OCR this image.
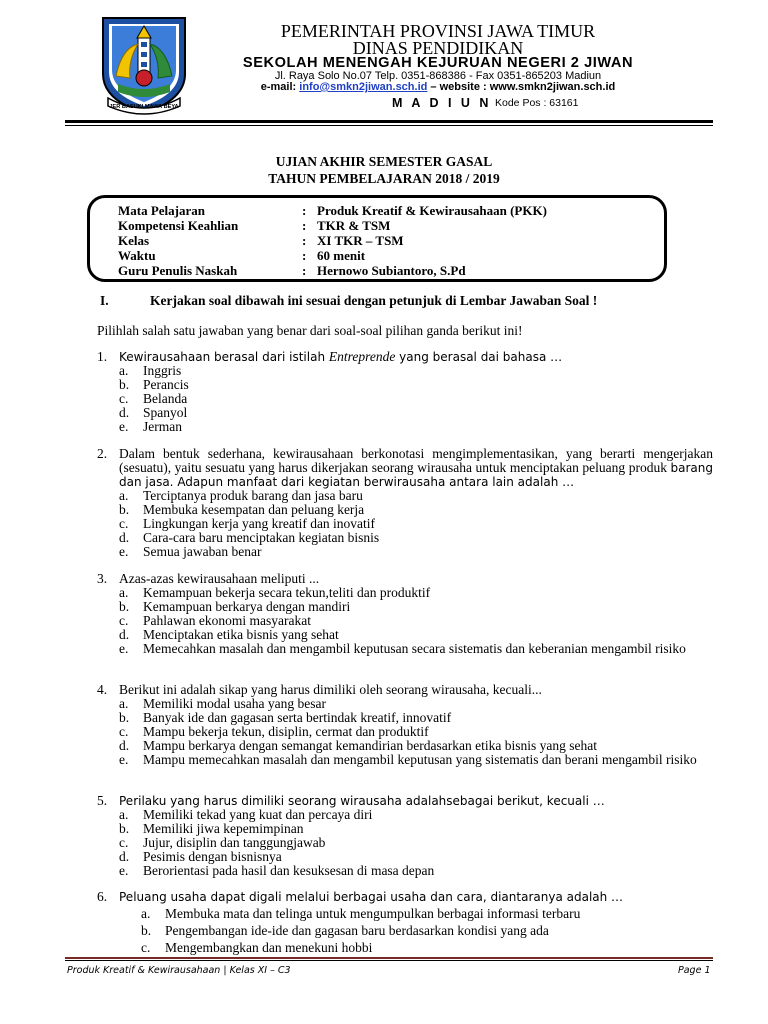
JER BASUKI MAWA BEYA
PEMERINTAH PROVINSI JAWA TIMUR
DINAS PENDIDIKAN
SEKOLAH MENENGAH KEJURUAN NEGERI 2 JIWAN
Jl. Raya Solo No.07 Telp. 0351-868386 - Fax 0351-865203 Madiun
e-mail: info@smkn2jiwan.sch.id – website : www.smkn2jiwan.sch.id
M A D I U N Kode Pos : 63161
UJIAN AKHIR SEMESTER GASAL
TAHUN PEMBELAJARAN 2018 / 2019
Mata Pelajaran	: Produk Kreatif & Kewirausahaan (PKK)
Kompetensi Keahlian	: TKR & TSM
Kelas	: XI TKR – TSM
Waktu	: 60 menit
Guru Penulis Naskah	: Hernowo Subiantoro, S.Pd
I.	Kerjakan soal dibawah ini sesuai dengan petunjuk di Lembar Jawaban Soal !
Pilihlah salah satu jawaban yang benar dari soal-soal pilihan ganda berikut ini!
1. Kewirausahaan berasal dari istilah Entreprende yang berasal dai bahasa …
a. Inggris
b. Perancis
c. Belanda
d. Spanyol
e. Jerman
2. Dalam bentuk sederhana, kewirausahaan berkonotasi mengimplementasikan, yang berarti mengerjakan (sesuatu), yaitu sesuatu yang harus dikerjakan seorang wirausaha untuk menciptakan peluang produk barang dan jasa. Adapun manfaat dari kegiatan berwirausaha antara lain adalah …
a. Terciptanya produk barang dan jasa baru
b. Membuka kesempatan dan peluang kerja
c. Lingkungan kerja yang kreatif dan inovatif
d. Cara-cara baru menciptakan kegiatan bisnis
e. Semua jawaban benar
3. Azas-azas kewirausahaan meliputi ...
a. Kemampuan bekerja secara tekun,teliti dan produktif
b. Kemampuan berkarya dengan mandiri
c. Pahlawan ekonomi masyarakat
d. Menciptakan etika bisnis yang sehat
e. Memecahkan masalah dan mengambil keputusan secara sistematis dan keberanian mengambil risiko
4. Berikut ini adalah sikap yang harus dimiliki oleh seorang wirausaha, kecuali...
a. Memiliki modal usaha yang besar
b. Banyak ide dan gagasan serta bertindak kreatif, innovatif
c. Mampu bekerja tekun, disiplin, cermat dan produktif
d. Mampu berkarya dengan semangat kemandirian berdasarkan etika bisnis yang sehat
e. Mampu memecahkan masalah dan mengambil keputusan yang sistematis dan berani mengambil risiko
5. Perilaku yang harus dimiliki seorang wirausaha adalahsebagai berikut, kecuali …
a. Memiliki tekad yang kuat dan percaya diri
b. Memiliki jiwa kepemimpinan
c. Jujur, disiplin dan tanggungjawab
d. Pesimis dengan bisnisnya
e. Berorientasi pada hasil dan kesuksesan di masa depan
6. Peluang usaha dapat digali melalui berbagai usaha dan cara, diantaranya adalah …
a. Membuka mata dan telinga untuk mengumpulkan berbagai informasi terbaru
b. Pengembangan ide-ide dan gagasan baru berdasarkan kondisi yang ada
c. Mengembangkan dan menekuni hobbi
Produk Kreatif & Kewirausahaan | Kelas XI – C3	Page 1
